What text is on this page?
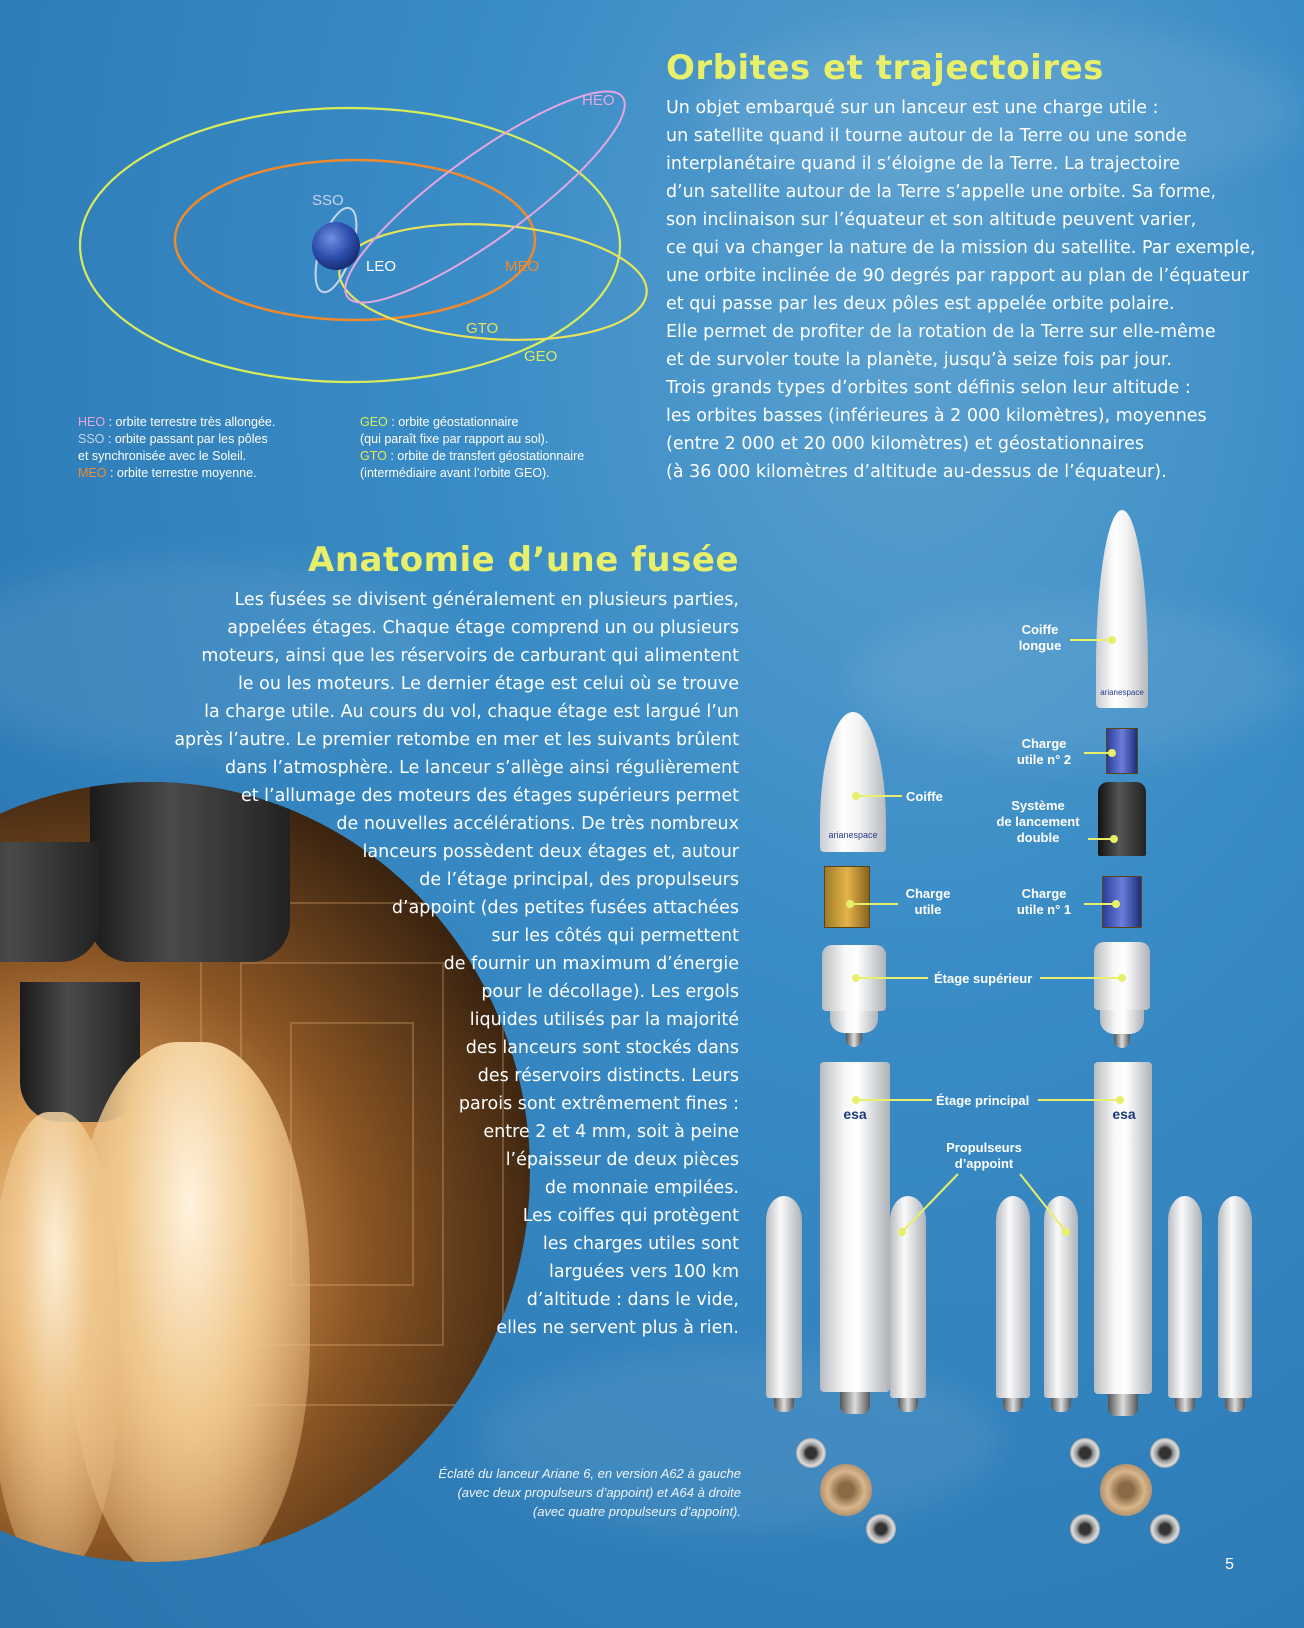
HEO
SSO
LEO	MEO
GTO
GEO
HEO : orbite terrestre très allongée.
SSO : orbite passant par les pôles
et synchronisée avec le Soleil.
MEO : orbite terrestre moyenne.
GEO : orbite géostationnaire
(qui paraît fixe par rapport au sol).
GTO : orbite de transfert géostationnaire
(intermédiaire avant l’orbite GEO).
Orbites et trajectoires
Un objet embarqué sur un lanceur est une charge utile :
un satellite quand il tourne autour de la Terre ou une sonde
interplanétaire quand il s’éloigne de la Terre. La trajectoire
d’un satellite autour de la Terre s’appelle une orbite. Sa forme,
son inclinaison sur l’équateur et son altitude peuvent varier,
ce qui va changer la nature de la mission du satellite. Par exemple,
une orbite inclinée de 90 degrés par rapport au plan de l’équateur
et qui passe par les deux pôles est appelée orbite polaire.
Elle permet de profiter de la rotation de la Terre sur elle-même
et de survoler toute la planète, jusqu’à seize fois par jour.
Trois grands types d’orbites sont définis selon leur altitude :
les orbites basses (inférieures à 2 000 kilomètres), moyennes
(entre 2 000 et 20 000 kilomètres) et géostationnaires
(à 36 000 kilomètres d’altitude au-dessus de l’équateur).
Anatomie d’une fusée
Les fusées se divisent généralement en plusieurs parties,
appelées étages. Chaque étage comprend un ou plusieurs
moteurs, ainsi que les réservoirs de carburant qui alimentent
le ou les moteurs. Le dernier étage est celui où se trouve
la charge utile. Au cours du vol, chaque étage est largué l’un
après l’autre. Le premier retombe en mer et les suivants brûlent
dans l’atmosphère. Le lanceur s’allège ainsi régulièrement
et l’allumage des moteurs des étages supérieurs permet
de nouvelles accélérations. De très nombreux
lanceurs possèdent deux étages et, autour
de l’étage principal, des propulseurs
d’appoint (des petites fusées attachées
sur les côtés qui permettent
de fournir un maximum d’énergie
pour le décollage). Les ergols
liquides utilisés par la majorité
des lanceurs sont stockés dans
des réservoirs distincts. Leurs
parois sont extrêmement fines :
entre 2 et 4 mm, soit à peine
l’épaisseur de deux pièces
de monnaie empilées.
Les coiffes qui protègent
les charges utiles sont
larguées vers 100 km
d’altitude : dans le vide,
elles ne servent plus à rien.
arianespace
esa
arianespace
esa
Coiffe
Charge
utile
Étage supérieur
Étage principal
Propulseurs
d’appoint
Coiffe
longue
Charge
utile n° 2
Système
de lancement
double
Charge
utile n° 1
Éclaté du lanceur Ariane 6, en version A62 à gauche
(avec deux propulseurs d’appoint) et A64 à droite
(avec quatre propulseurs d’appoint).
5
